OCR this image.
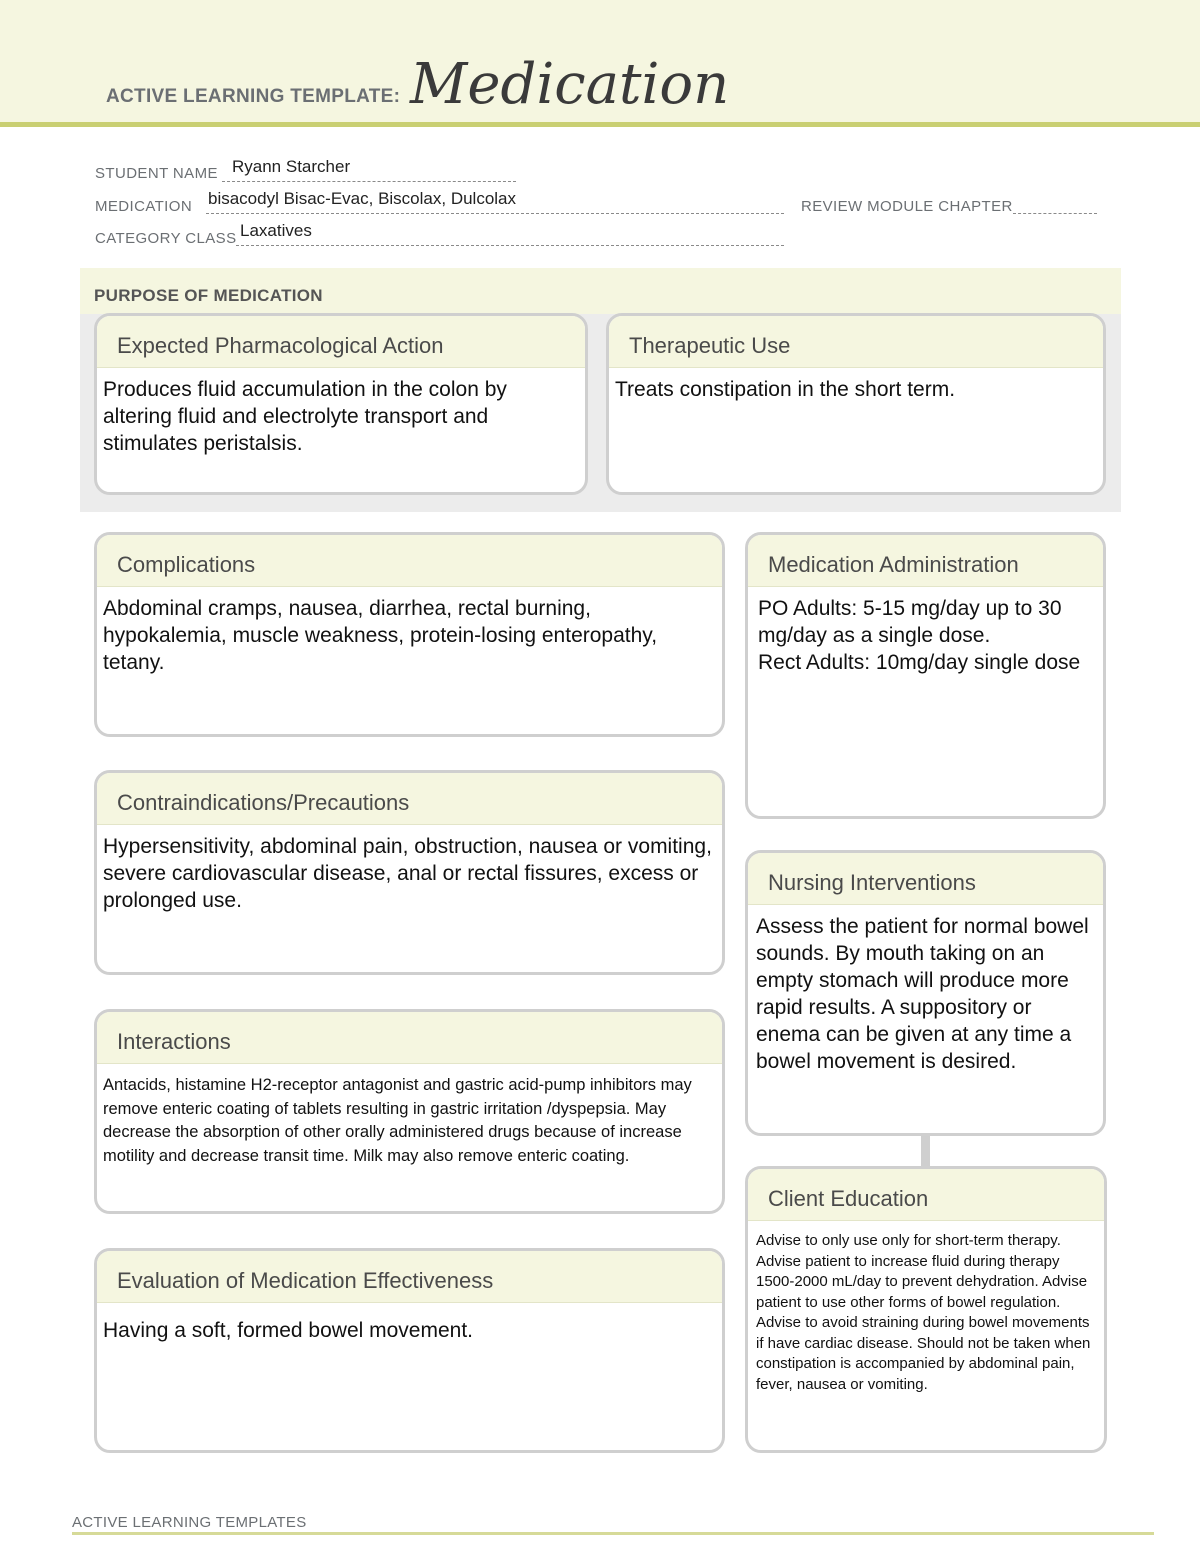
ACTIVE LEARNING TEMPLATE: Medication
STUDENT NAME Ryann Starcher
MEDICATION bisacodyl Bisac-Evac, Biscolax, Dulcolax	REVIEW MODULE CHAPTER
CATEGORY CLASS Laxatives
PURPOSE OF MEDICATION
Expected Pharmacological Action
Produces fluid accumulation in the colon by altering fluid and electrolyte transport and stimulates peristalsis.
Therapeutic Use
Treats constipation in the short term.
Complications
Abdominal cramps, nausea, diarrhea, rectal burning, hypokalemia, muscle weakness, protein-losing enteropathy, tetany.
Contraindications/Precautions
Hypersensitivity, abdominal pain, obstruction, nausea or vomiting, severe cardiovascular disease, anal or rectal fissures, excess or prolonged use.
Interactions
Antacids, histamine H2-receptor antagonist and gastric acid-pump inhibitors may remove enteric coating of tablets resulting in gastric irritation /dyspepsia. May decrease the absorption of other orally administered drugs because of increase motility and decrease transit time. Milk may also remove enteric coating.
Evaluation of Medication Effectiveness
Having a soft, formed bowel movement.
Medication Administration
PO Adults: 5-15 mg/day up to 30 mg/day as a single dose.
Rect Adults: 10mg/day single dose
Nursing Interventions
Assess the patient for normal bowel sounds. By mouth taking on an empty stomach will produce more rapid results. A suppository or enema can be given at any time a bowel movement is desired.
Client Education
Advise to only use only for short-term therapy. Advise patient to increase fluid during therapy 1500-2000 mL/day to prevent dehydration. Advise patient to use other forms of bowel regulation. Advise to avoid straining during bowel movements if have cardiac disease. Should not be taken when constipation is accompanied by abdominal pain, fever, nausea or vomiting.
ACTIVE LEARNING TEMPLATES
